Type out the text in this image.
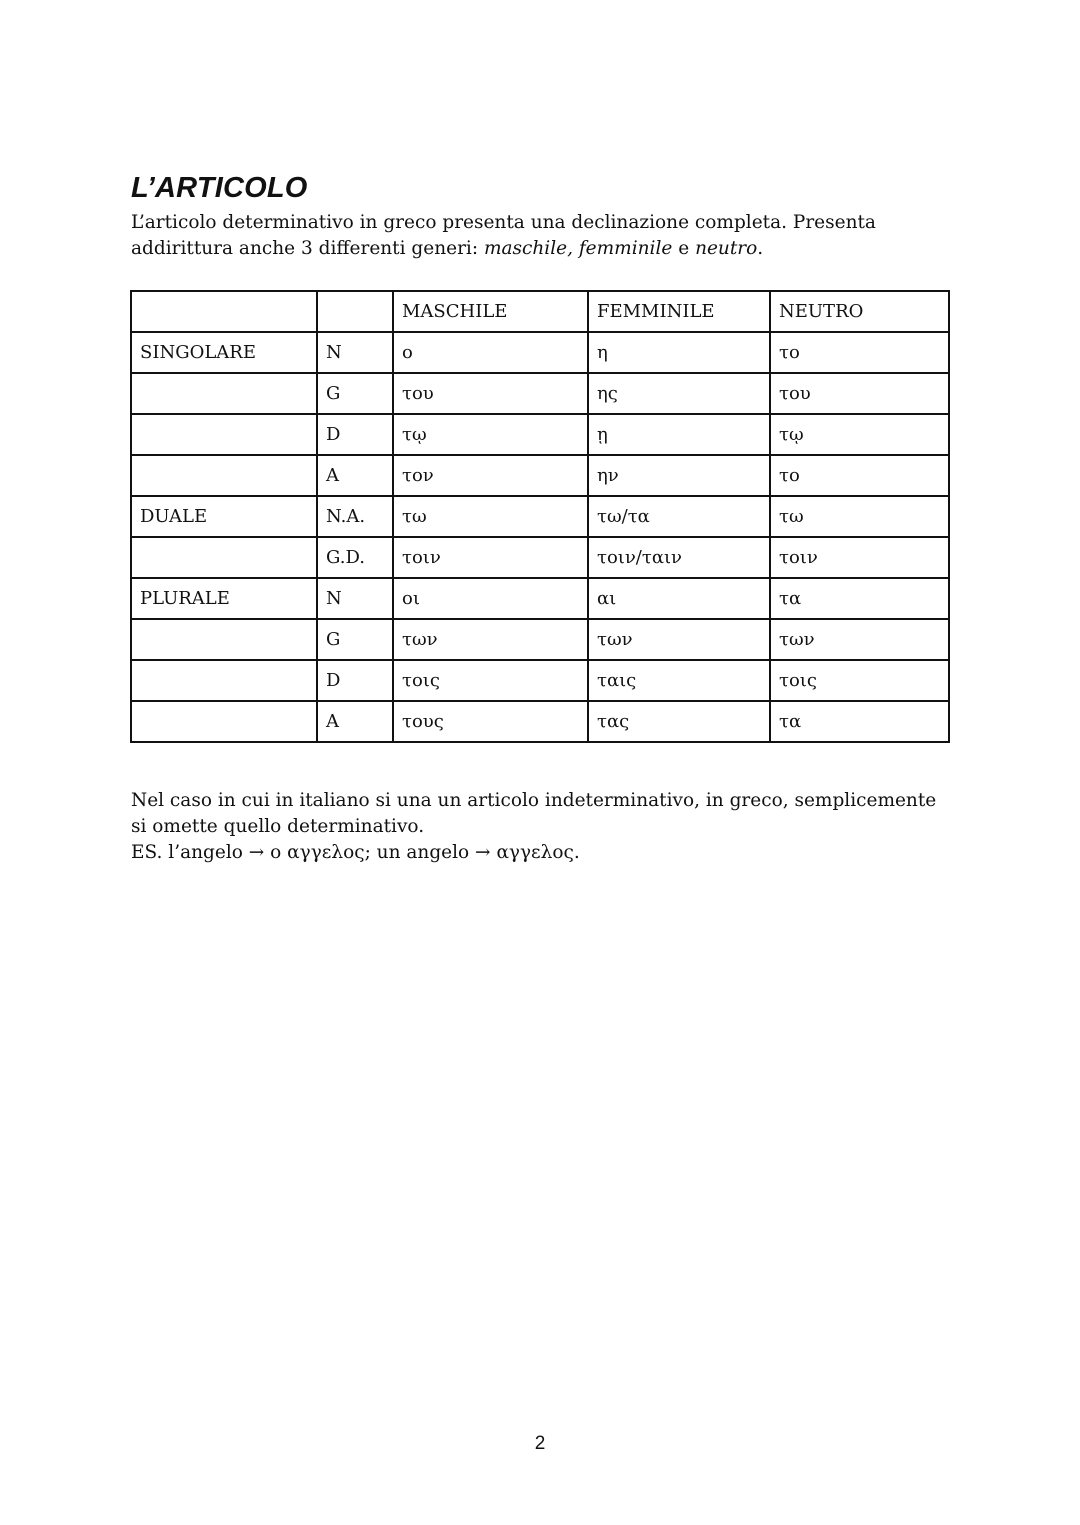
L’ARTICOLO

L’articolo determinativo in greco presenta una declinazione completa. Presenta addirittura anche 3 differenti generi: maschile, femminile e neutro.

		MASCHILE	FEMMINILE	NEUTRO
SINGOLARE	N	ο	η	το
	G	του	ης	του
	D	τῳ	ῃ	τῳ
	A	τον	ην	το
DUALE	N.A.	τω	τω/τα	τω
	G.D.	τοιν	τοιν/ταιν	τοιν
PLURALE	N	οι	αι	τα
	G	των	των	των
	D	τοις	ταις	τοις
	A	τους	τας	τα
Nel caso in cui in italiano si una un articolo indeterminativo, in greco, semplicemente si omette quello determinativo.
ES. l’angelo → ο αγγελος; un angelo → αγγελος.
2
